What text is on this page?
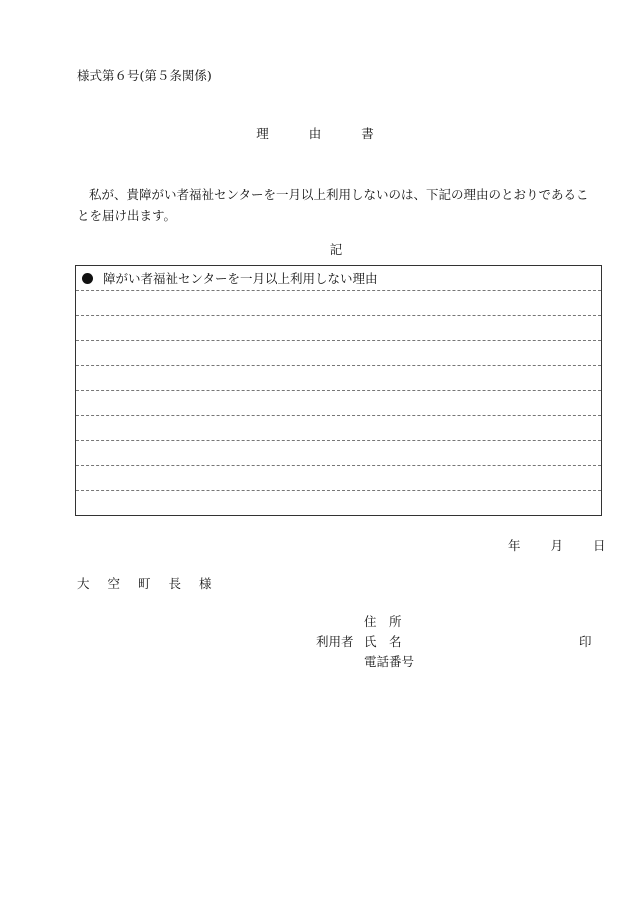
様式第６号(第５条関係)
理	由	書
私が、貴障がい者福祉センターを一月以上利用しないのは、下記の理由のとおりであることを届け出ます。
記
障がい者福祉センターを一月以上利用しない理由
年 月 日
大 空 町 長 様
住　所
利用者 氏　名
電話番号
印
